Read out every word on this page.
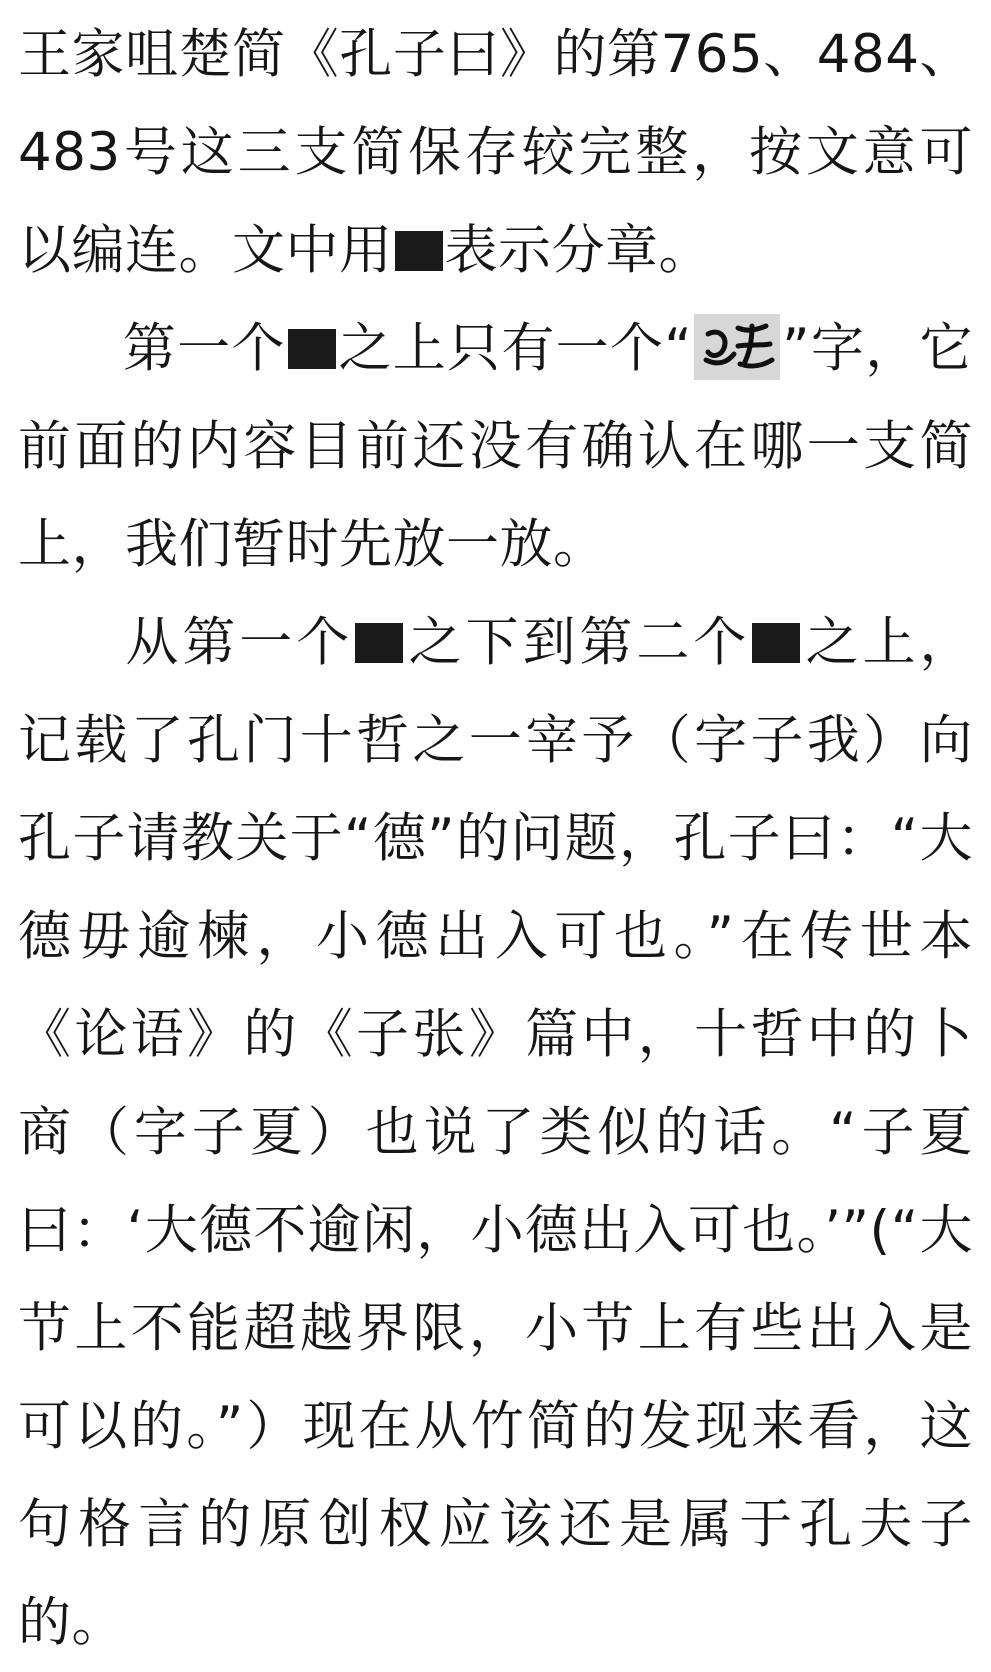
王家咀楚简《孔子曰》的第765、484、483号这三支简保存较完整，按文意可以编连。文中用 表示分章。

第一个 之上只有一个“ ”字，它前面的内容目前还没有确认在哪一支简上，我们暂时先放一放。

从第一个 之下到第二个 之上，记载了孔门十哲之一宰予（字子我）向孔子请教关于“德”的问题，孔子曰：“大德毋逾楝，小德出入可也。”在传世本《论语》的《子张》篇中，十哲中的卜商（字子夏）也说了类似的话。“子夏曰：‘大德不逾闲，小德出入可也。’”(“大节上不能超越界限，小节上有些出入是可以的。”）现在从竹简的发现来看，这句格言的原创权应该还是属于孔夫子的。
